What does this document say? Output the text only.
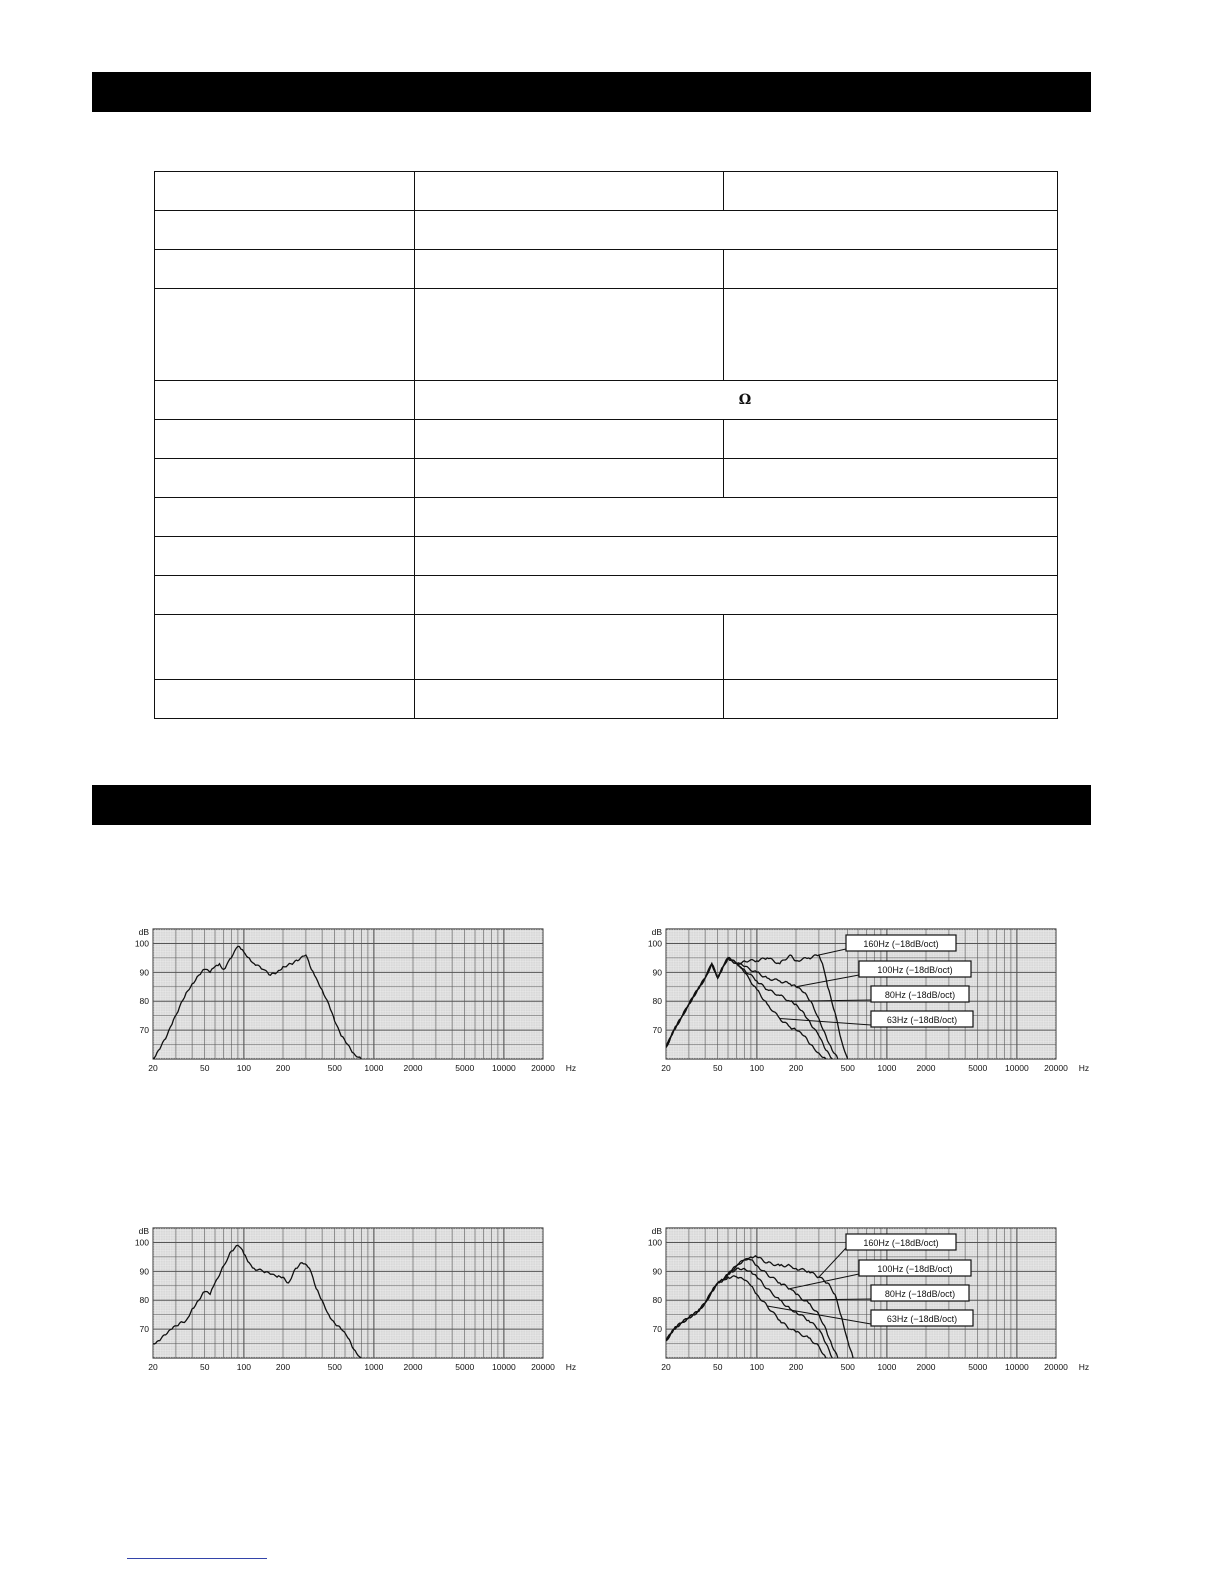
	Ω	

70
80
90
100
dB
20	50	100	200	500	1000 2000	5000 10000 20000 Hz
70
80
90
100
dB
20	50	100	200	500	1000 2000	5000 10000 20000 Hz
160Hz (−18dB/oct)
100Hz (−18dB/oct)
80Hz (−18dB/oct)
63Hz (−18dB/oct)
70
80
90
100
dB
20	50	100	200	500	1000 2000	5000 10000 20000 Hz
70
80
90
100
dB
20	50	100	200	500	1000 2000	5000 10000 20000 Hz
160Hz (−18dB/oct)
100Hz (−18dB/oct)
80Hz (−18dB/oct)
63Hz (−18dB/oct)
